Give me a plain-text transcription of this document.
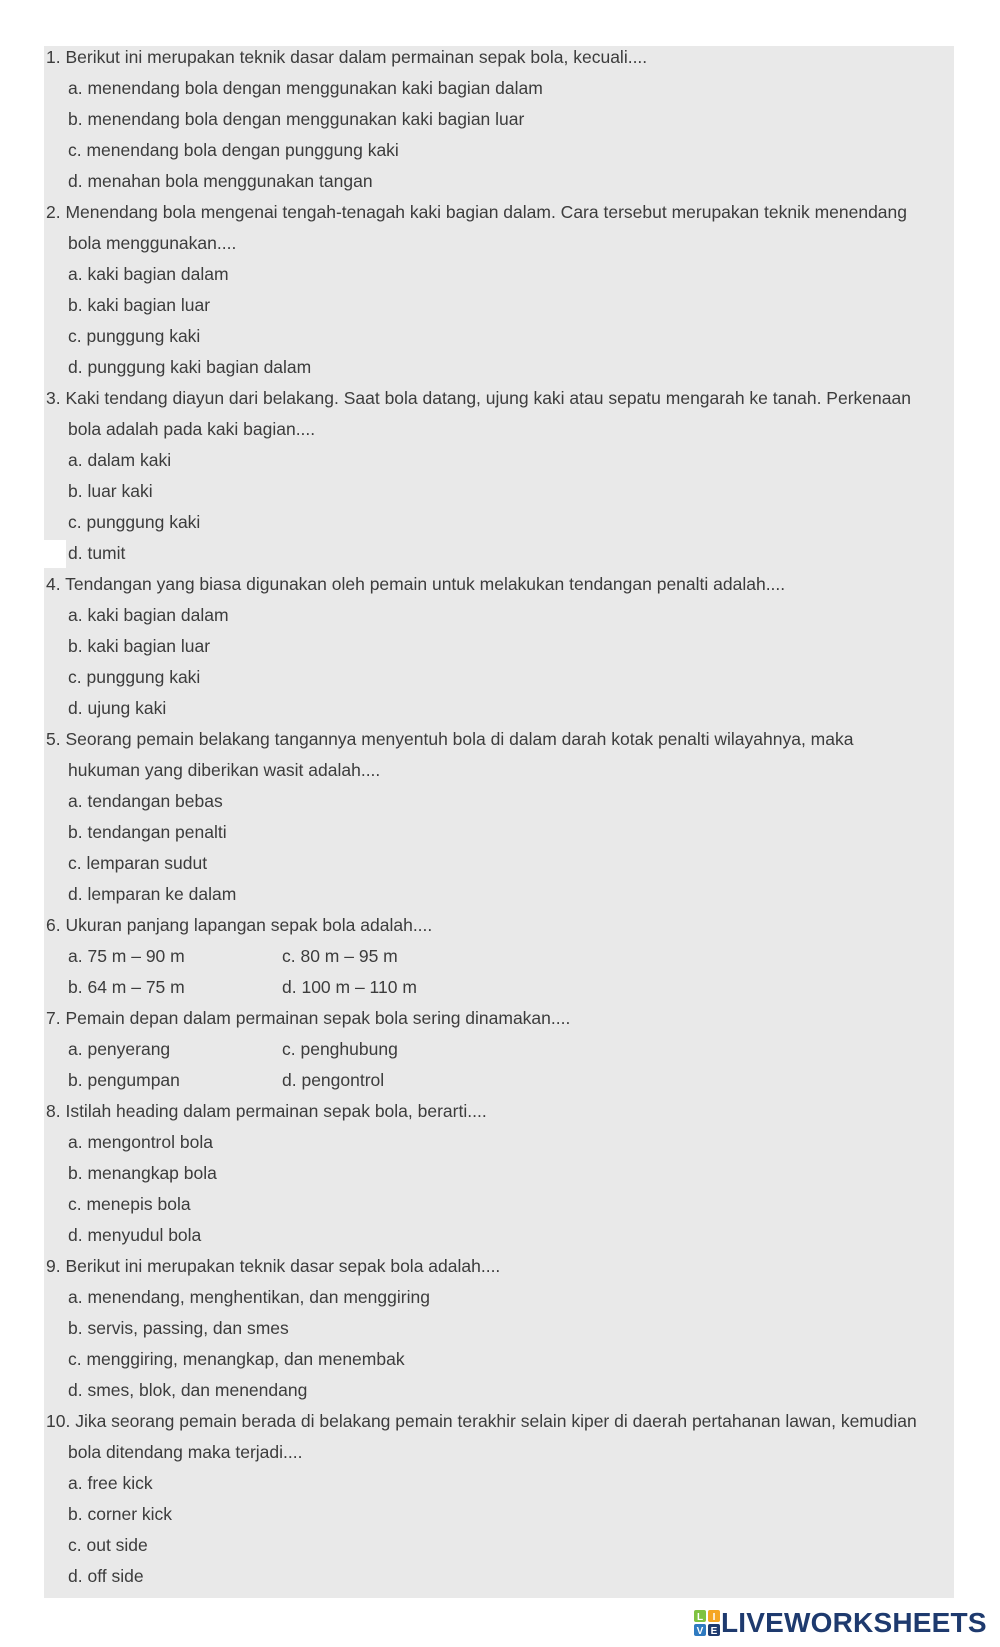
1. Berikut ini merupakan teknik dasar dalam permainan sepak bola, kecuali....
a. menendang bola dengan menggunakan kaki bagian dalam
b. menendang bola dengan menggunakan kaki bagian luar
c. menendang bola dengan punggung kaki
d. menahan bola menggunakan tangan
2. Menendang bola mengenai tengah-tenagah kaki bagian dalam. Cara tersebut merupakan teknik menendang
bola menggunakan....
a. kaki bagian dalam
b. kaki bagian luar
c. punggung kaki
d. punggung kaki bagian dalam
3. Kaki tendang diayun dari belakang. Saat bola datang, ujung kaki atau sepatu mengarah ke tanah. Perkenaan
bola adalah pada kaki bagian....
a. dalam kaki
b. luar kaki
c. punggung kaki
d. tumit
4. Tendangan yang biasa digunakan oleh pemain untuk melakukan tendangan penalti adalah....
a. kaki bagian dalam
b. kaki bagian luar
c. punggung kaki
d. ujung kaki
5. Seorang pemain belakang tangannya menyentuh bola di dalam darah kotak penalti wilayahnya, maka
hukuman yang diberikan wasit adalah....
a. tendangan bebas
b. tendangan penalti
c. lemparan sudut
d. lemparan ke dalam
6. Ukuran panjang lapangan sepak bola adalah....
a. 75 m – 90 m	c. 80 m – 95 m
b. 64 m – 75 m	d. 100 m – 110 m
7. Pemain depan dalam permainan sepak bola sering dinamakan....
a. penyerang	c. penghubung
b. pengumpan	d. pengontrol
8. Istilah heading dalam permainan sepak bola, berarti....
a. mengontrol bola
b. menangkap bola
c. menepis bola
d. menyudul bola
9. Berikut ini merupakan teknik dasar sepak bola adalah....
a. menendang, menghentikan, dan menggiring
b. servis, passing, dan smes
c. menggiring, menangkap, dan menembak
d. smes, blok, dan menendang
10. Jika seorang pemain berada di belakang pemain terakhir selain kiper di daerah pertahanan lawan, kemudian
bola ditendang maka terjadi....
a. free kick
b. corner kick
c. out side
d. off side
L I
V E LIVEWORKSHEETS
